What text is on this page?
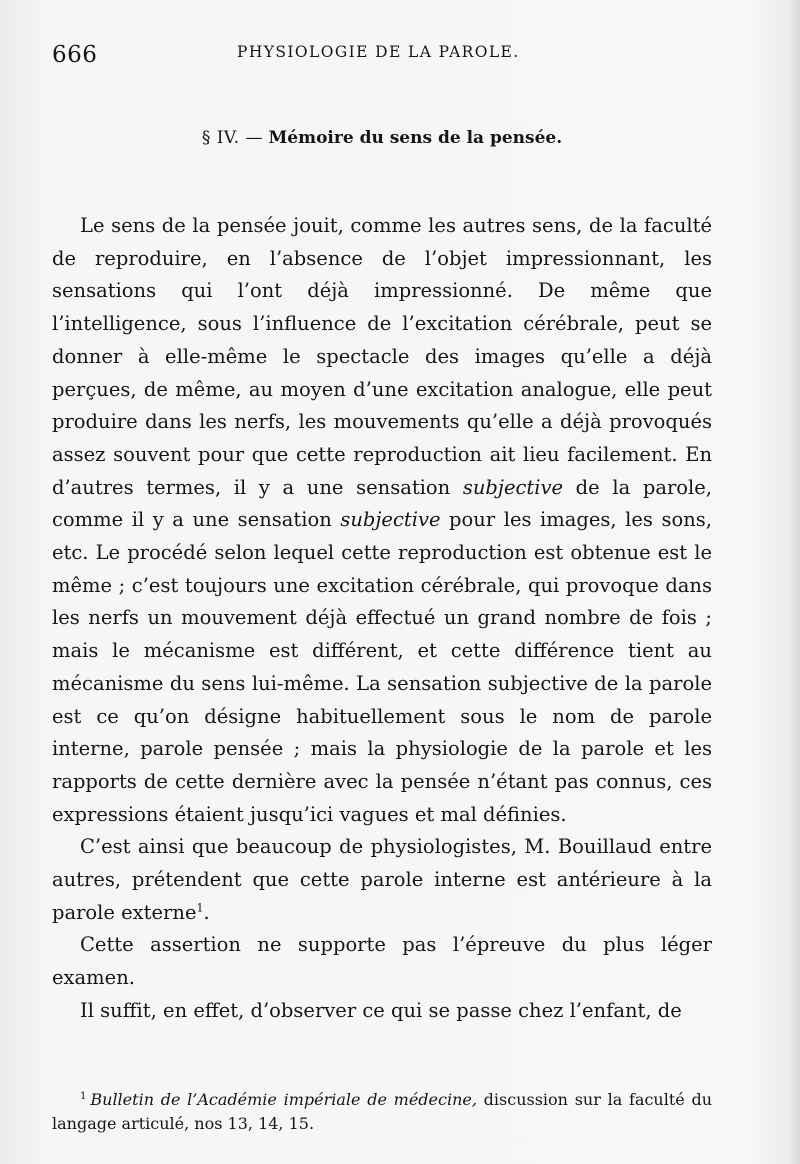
666	PHYSIOLOGIE DE LA PAROLE.
§ IV. — Mémoire du sens de la pensée.

Le sens de la pensée jouit, comme les autres sens, de la faculté de reproduire, en l’absence de l’objet impressionnant, les sensations qui l’ont déjà impressionné. De même que l’intelligence, sous l’influence de l’excitation cérébrale, peut se donner à elle-même le spectacle des images qu’elle a déjà perçues, de même, au moyen d’une excitation analogue, elle peut produire dans les nerfs, les mouvements qu’elle a déjà provoqués assez souvent pour que cette reproduction ait lieu facilement. En d’autres termes, il y a une sensation subjective de la parole, comme il y a une sensation subjective pour les images, les sons, etc. Le procédé selon lequel cette reproduction est obtenue est le même ; c’est toujours une excitation cérébrale, qui provoque dans les nerfs un mouvement déjà effectué un grand nombre de fois ; mais le mécanisme est différent, et cette différence tient au mécanisme du sens lui-même. La sensation subjective de la parole est ce qu’on désigne habituellement sous le nom de parole interne, parole pensée ; mais la physiologie de la parole et les rapports de cette dernière avec la pensée n’étant pas connus, ces expressions étaient jusqu’ici vagues et mal définies.

C’est ainsi que beaucoup de physiologistes, M. Bouillaud entre autres, prétendent que cette parole interne est antérieure à la parole externe$^1$.

Cette assertion ne supporte pas l’épreuve du plus léger examen.

Il suffit, en effet, d’observer ce qui se passe chez l’enfant, de

$^1$ Bulletin de l’Académie impériale de médecine, discussion sur la faculté du langage articulé, nos 13, 14, 15.
